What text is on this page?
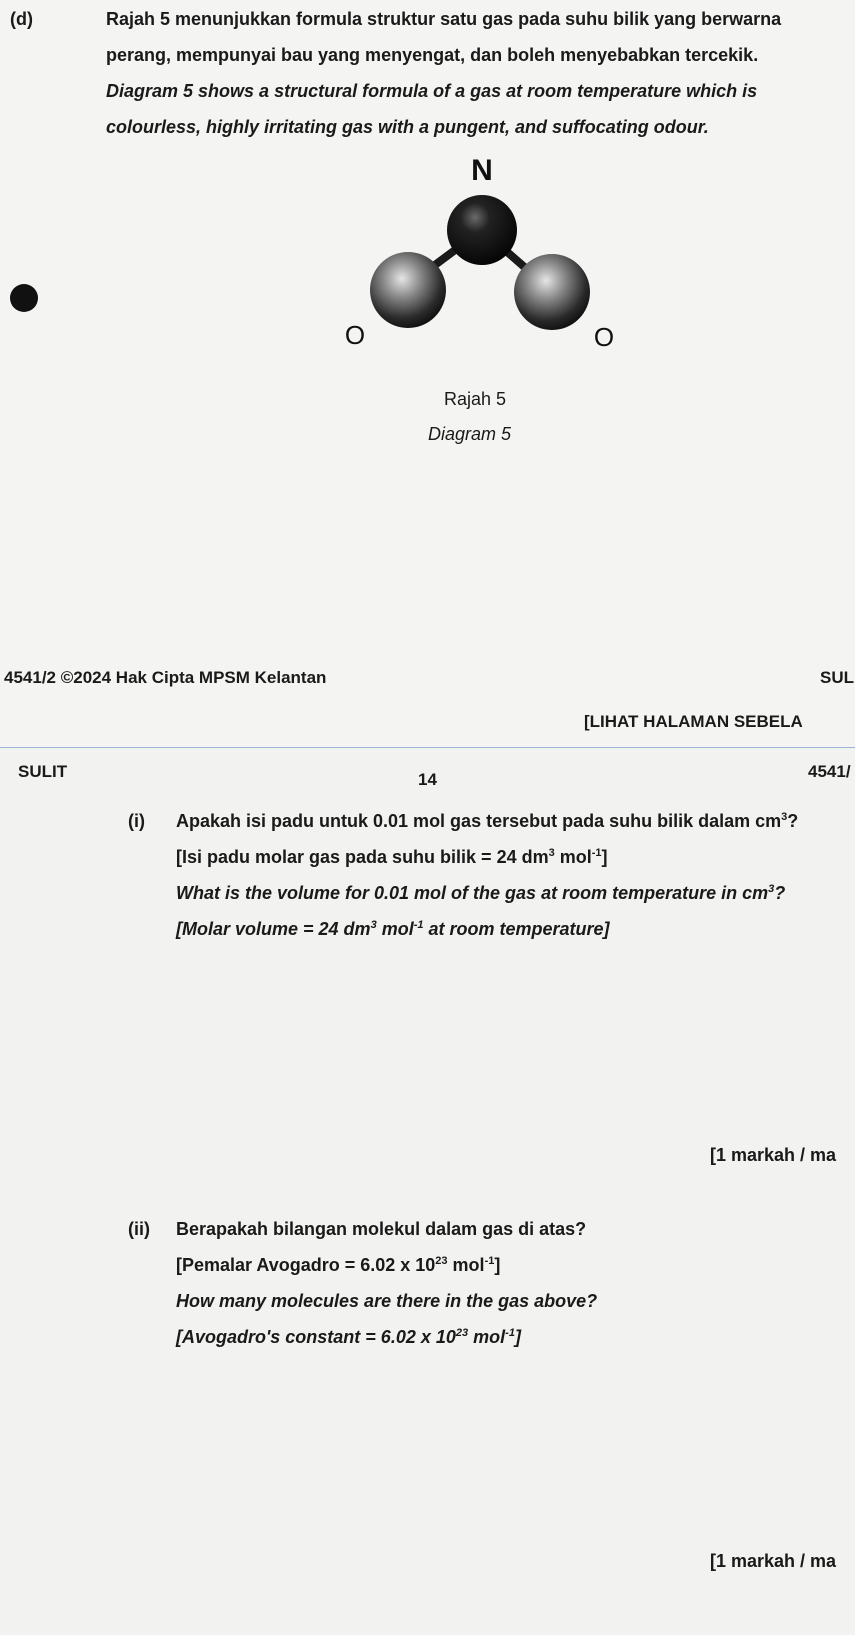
(d)	Rajah 5 menunjukkan formula struktur satu gas pada suhu bilik yang berwarna
perang, mempunyai bau yang menyengat, dan boleh menyebabkan tercekik.
Diagram 5 shows a structural formula of a gas at room temperature which is
colourless, highly irritating gas with a pungent, and suffocating odour.
N
O	O
Rajah 5
Diagram 5
4541/2 ©2024 Hak Cipta MPSM Kelantan	SUL
[LIHAT HALAMAN SEBELA
SULIT	14	4541/
(i) Apakah isi padu untuk 0.01 mol gas tersebut pada suhu bilik dalam $cm^3$?
[Isi padu molar gas pada suhu bilik = 24 $dm^3$ mol$^{-1}$]
What is the volume for 0.01 mol of the gas at room temperature in $cm^3$?
[Molar volume = 24 $dm^3$ mol$^{-1}$ at room temperature]
[1 markah / ma
(ii) Berapakah bilangan molekul dalam gas di atas?
[Pemalar Avogadro = 6.02 x $10^{23}$ mol$^{-1}$]
How many molecules are there in the gas above?
[Avogadro's constant = 6.02 x $10^{23}$ mol$^{-1}$]
[1 markah / ma
